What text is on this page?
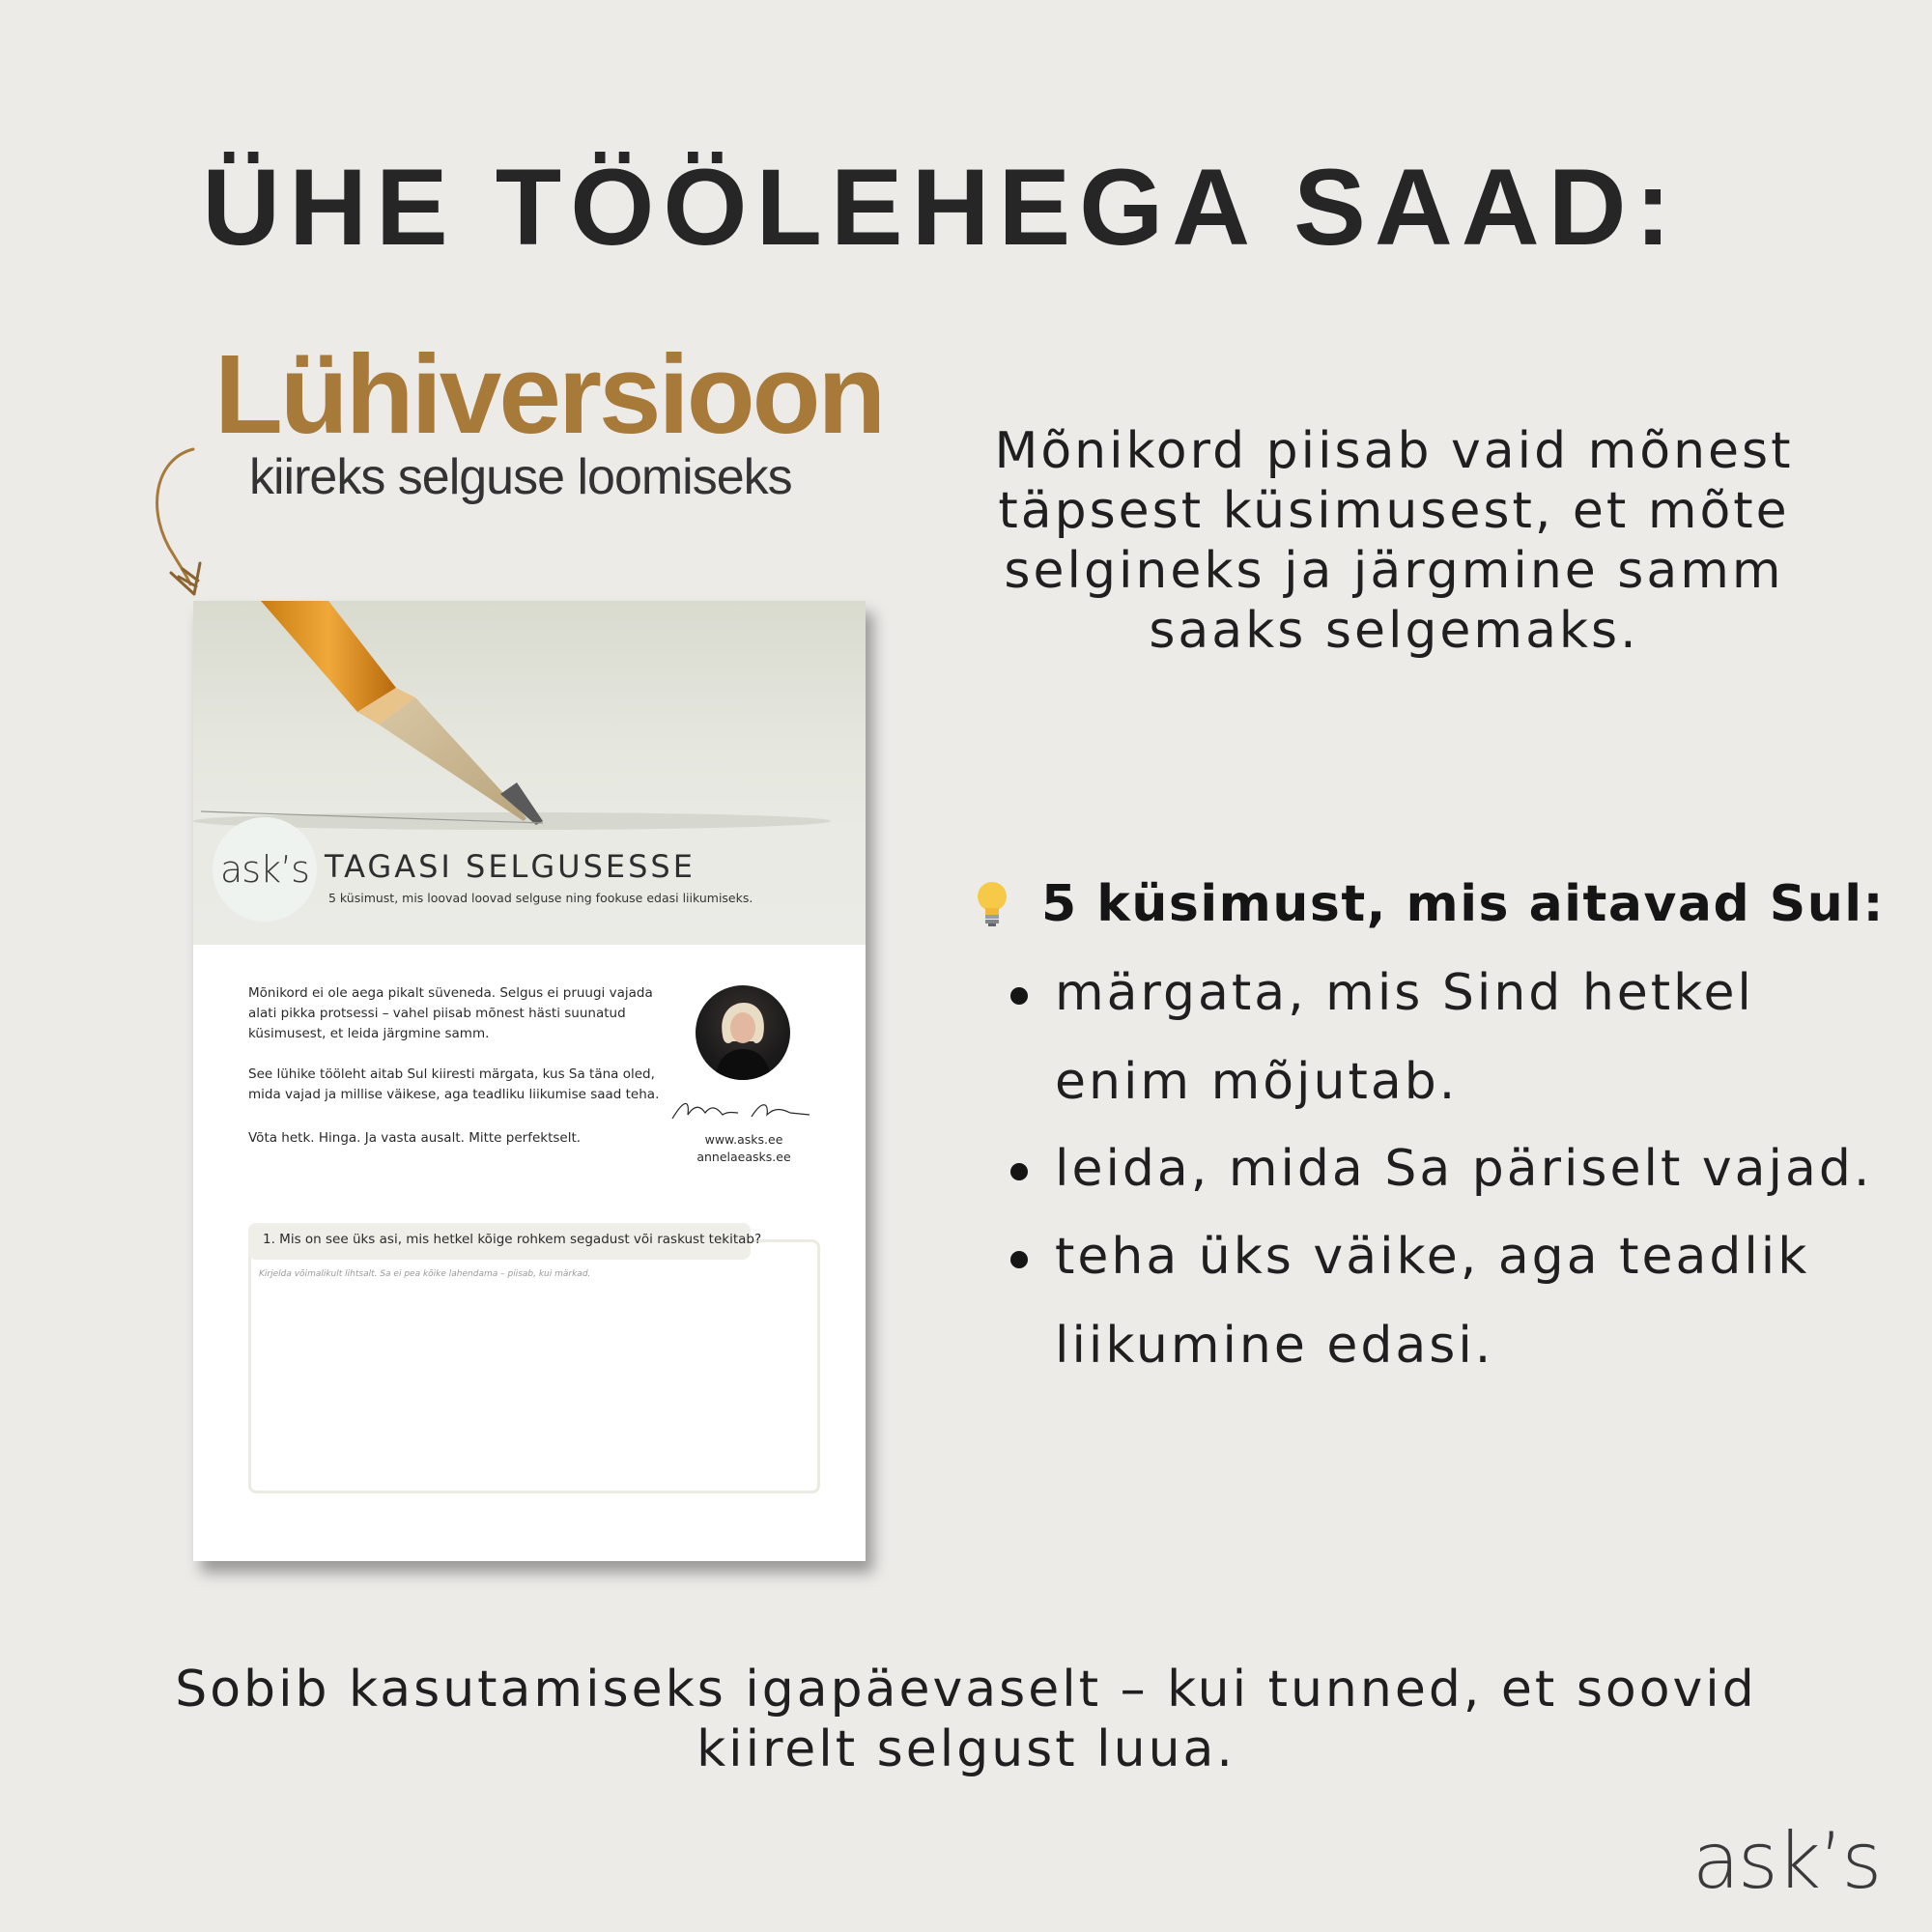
ÜHE TÖÖLEHEGA SAAD:
Lühiversioon
kiireks selguse loomiseks
ask’s TAGASI SELGUSESSE
5 küsimust, mis loovad loovad selguse ning fookuse edasi liikumiseks.
Mõnikord ei ole aega pikalt süveneda. Selgus ei pruugi vajada alati pikka protsessi – vahel piisab mõnest hästi suunatud küsimusest, et leida järgmine samm.
See lühike tööleht aitab Sul kiiresti märgata, kus Sa täna oled, mida vajad ja millise väikese, aga teadliku liikumise saad teha.
Võta hetk. Hinga. Ja vasta ausalt. Mitte perfektselt.	www.asks.ee
annelaeasks.ee
1. Mis on see üks asi, mis hetkel kõige rohkem segadust või raskust tekitab?
Kirjelda võimalikult lihtsalt. Sa ei pea kõike lahendama – piisab, kui märkad.
Mõnikord piisab vaid mõnest täpsest küsimusest, et mõte selgineks ja järgmine samm saaks selgemaks.
5 küsimust, mis aitavad Sul:
märgata, mis Sind hetkel
enim mõjutab.
leida, mida Sa päriselt vajad.
teha üks väike, aga teadlik
liikumine edasi.
Sobib kasutamiseks igapäevaselt – kui tunned, et soovid kiirelt selgust luua.
ask’s
